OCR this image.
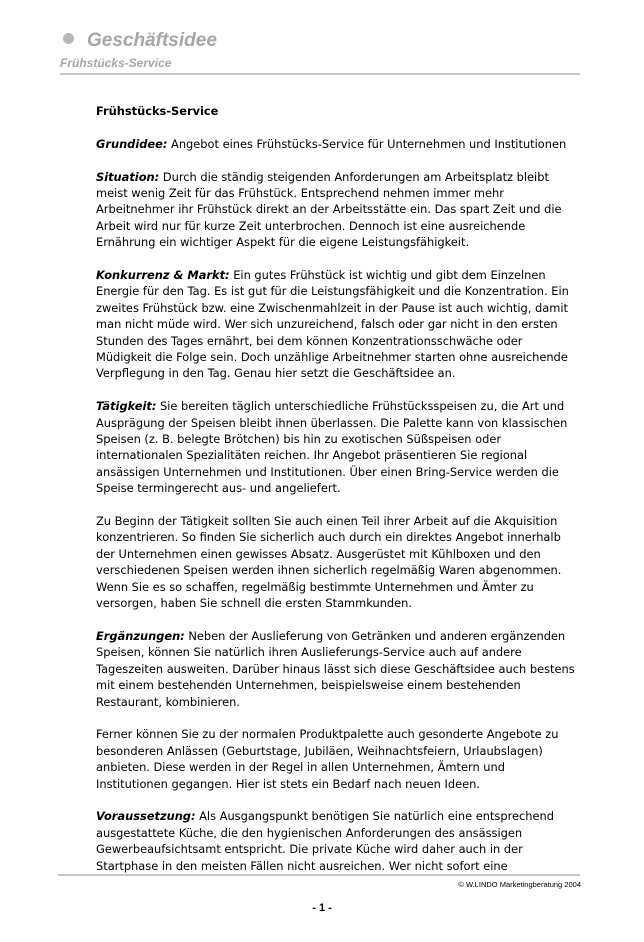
Geschäftsidee
Frühstücks-Service

Frühstücks-Service

Grundidee: Angebot eines Frühstücks-Service für Unternehmen und Institutionen

Situation: Durch die ständig steigenden Anforderungen am Arbeitsplatz bleibt meist wenig Zeit für das Frühstück. Entsprechend nehmen immer mehr Arbeitnehmer ihr Frühstück direkt an der Arbeitsstätte ein. Das spart Zeit und die Arbeit wird nur für kurze Zeit unterbrochen. Dennoch ist eine ausreichende Ernährung ein wichtiger Aspekt für die eigene Leistungsfähigkeit.

Konkurrenz & Markt: Ein gutes Frühstück ist wichtig und gibt dem Einzelnen Energie für den Tag. Es ist gut für die Leistungsfähigkeit und die Konzentration. Ein zweites Frühstück bzw. eine Zwischenmahlzeit in der Pause ist auch wichtig, damit man nicht müde wird. Wer sich unzureichend, falsch oder gar nicht in den ersten Stunden des Tages ernährt, bei dem können Konzentrationsschwäche oder Müdigkeit die Folge sein. Doch unzählige Arbeitnehmer starten ohne ausreichende Verpflegung in den Tag. Genau hier setzt die Geschäftsidee an.

Tätigkeit: Sie bereiten täglich unterschiedliche Frühstücksspeisen zu, die Art und Ausprägung der Speisen bleibt ihnen überlassen. Die Palette kann von klassischen Speisen (z. B. belegte Brötchen) bis hin zu exotischen Süßspeisen oder internationalen Spezialitäten reichen. Ihr Angebot präsentieren Sie regional ansässigen Unternehmen und Institutionen. Über einen Bring-Service werden die Speise termingerecht aus- und angeliefert.

Zu Beginn der Tätigkeit sollten Sie auch einen Teil ihrer Arbeit auf die Akquisition konzentrieren. So finden Sie sicherlich auch durch ein direktes Angebot innerhalb der Unternehmen einen gewisses Absatz. Ausgerüstet mit Kühlboxen und den verschiedenen Speisen werden ihnen sicherlich regelmäßig Waren abgenommen. Wenn Sie es so schaffen, regelmäßig bestimmte Unternehmen und Ämter zu versorgen, haben Sie schnell die ersten Stammkunden.

Ergänzungen: Neben der Auslieferung von Getränken und anderen ergänzenden Speisen, können Sie natürlich ihren Auslieferungs-Service auch auf andere Tageszeiten ausweiten. Darüber hinaus lässt sich diese Geschäftsidee auch bestens mit einem bestehenden Unternehmen, beispielsweise einem bestehenden Restaurant, kombinieren.

Ferner können Sie zu der normalen Produktpalette auch gesonderte Angebote zu besonderen Anlässen (Geburtstage, Jubiläen, Weihnachtsfeiern, Urlaubslagen) anbieten. Diese werden in der Regel in allen Unternehmen, Ämtern und Institutionen gegangen. Hier ist stets ein Bedarf nach neuen Ideen.

Voraussetzung: Als Ausgangspunkt benötigen Sie natürlich eine entsprechend ausgestattete Küche, die den hygienischen Anforderungen des ansässigen Gewerbeaufsichtsamt entspricht. Die private Küche wird daher auch in der Startphase in den meisten Fällen nicht ausreichen. Wer nicht sofort eine

© W.LINDO Marketingberatung 2004
- 1 -
